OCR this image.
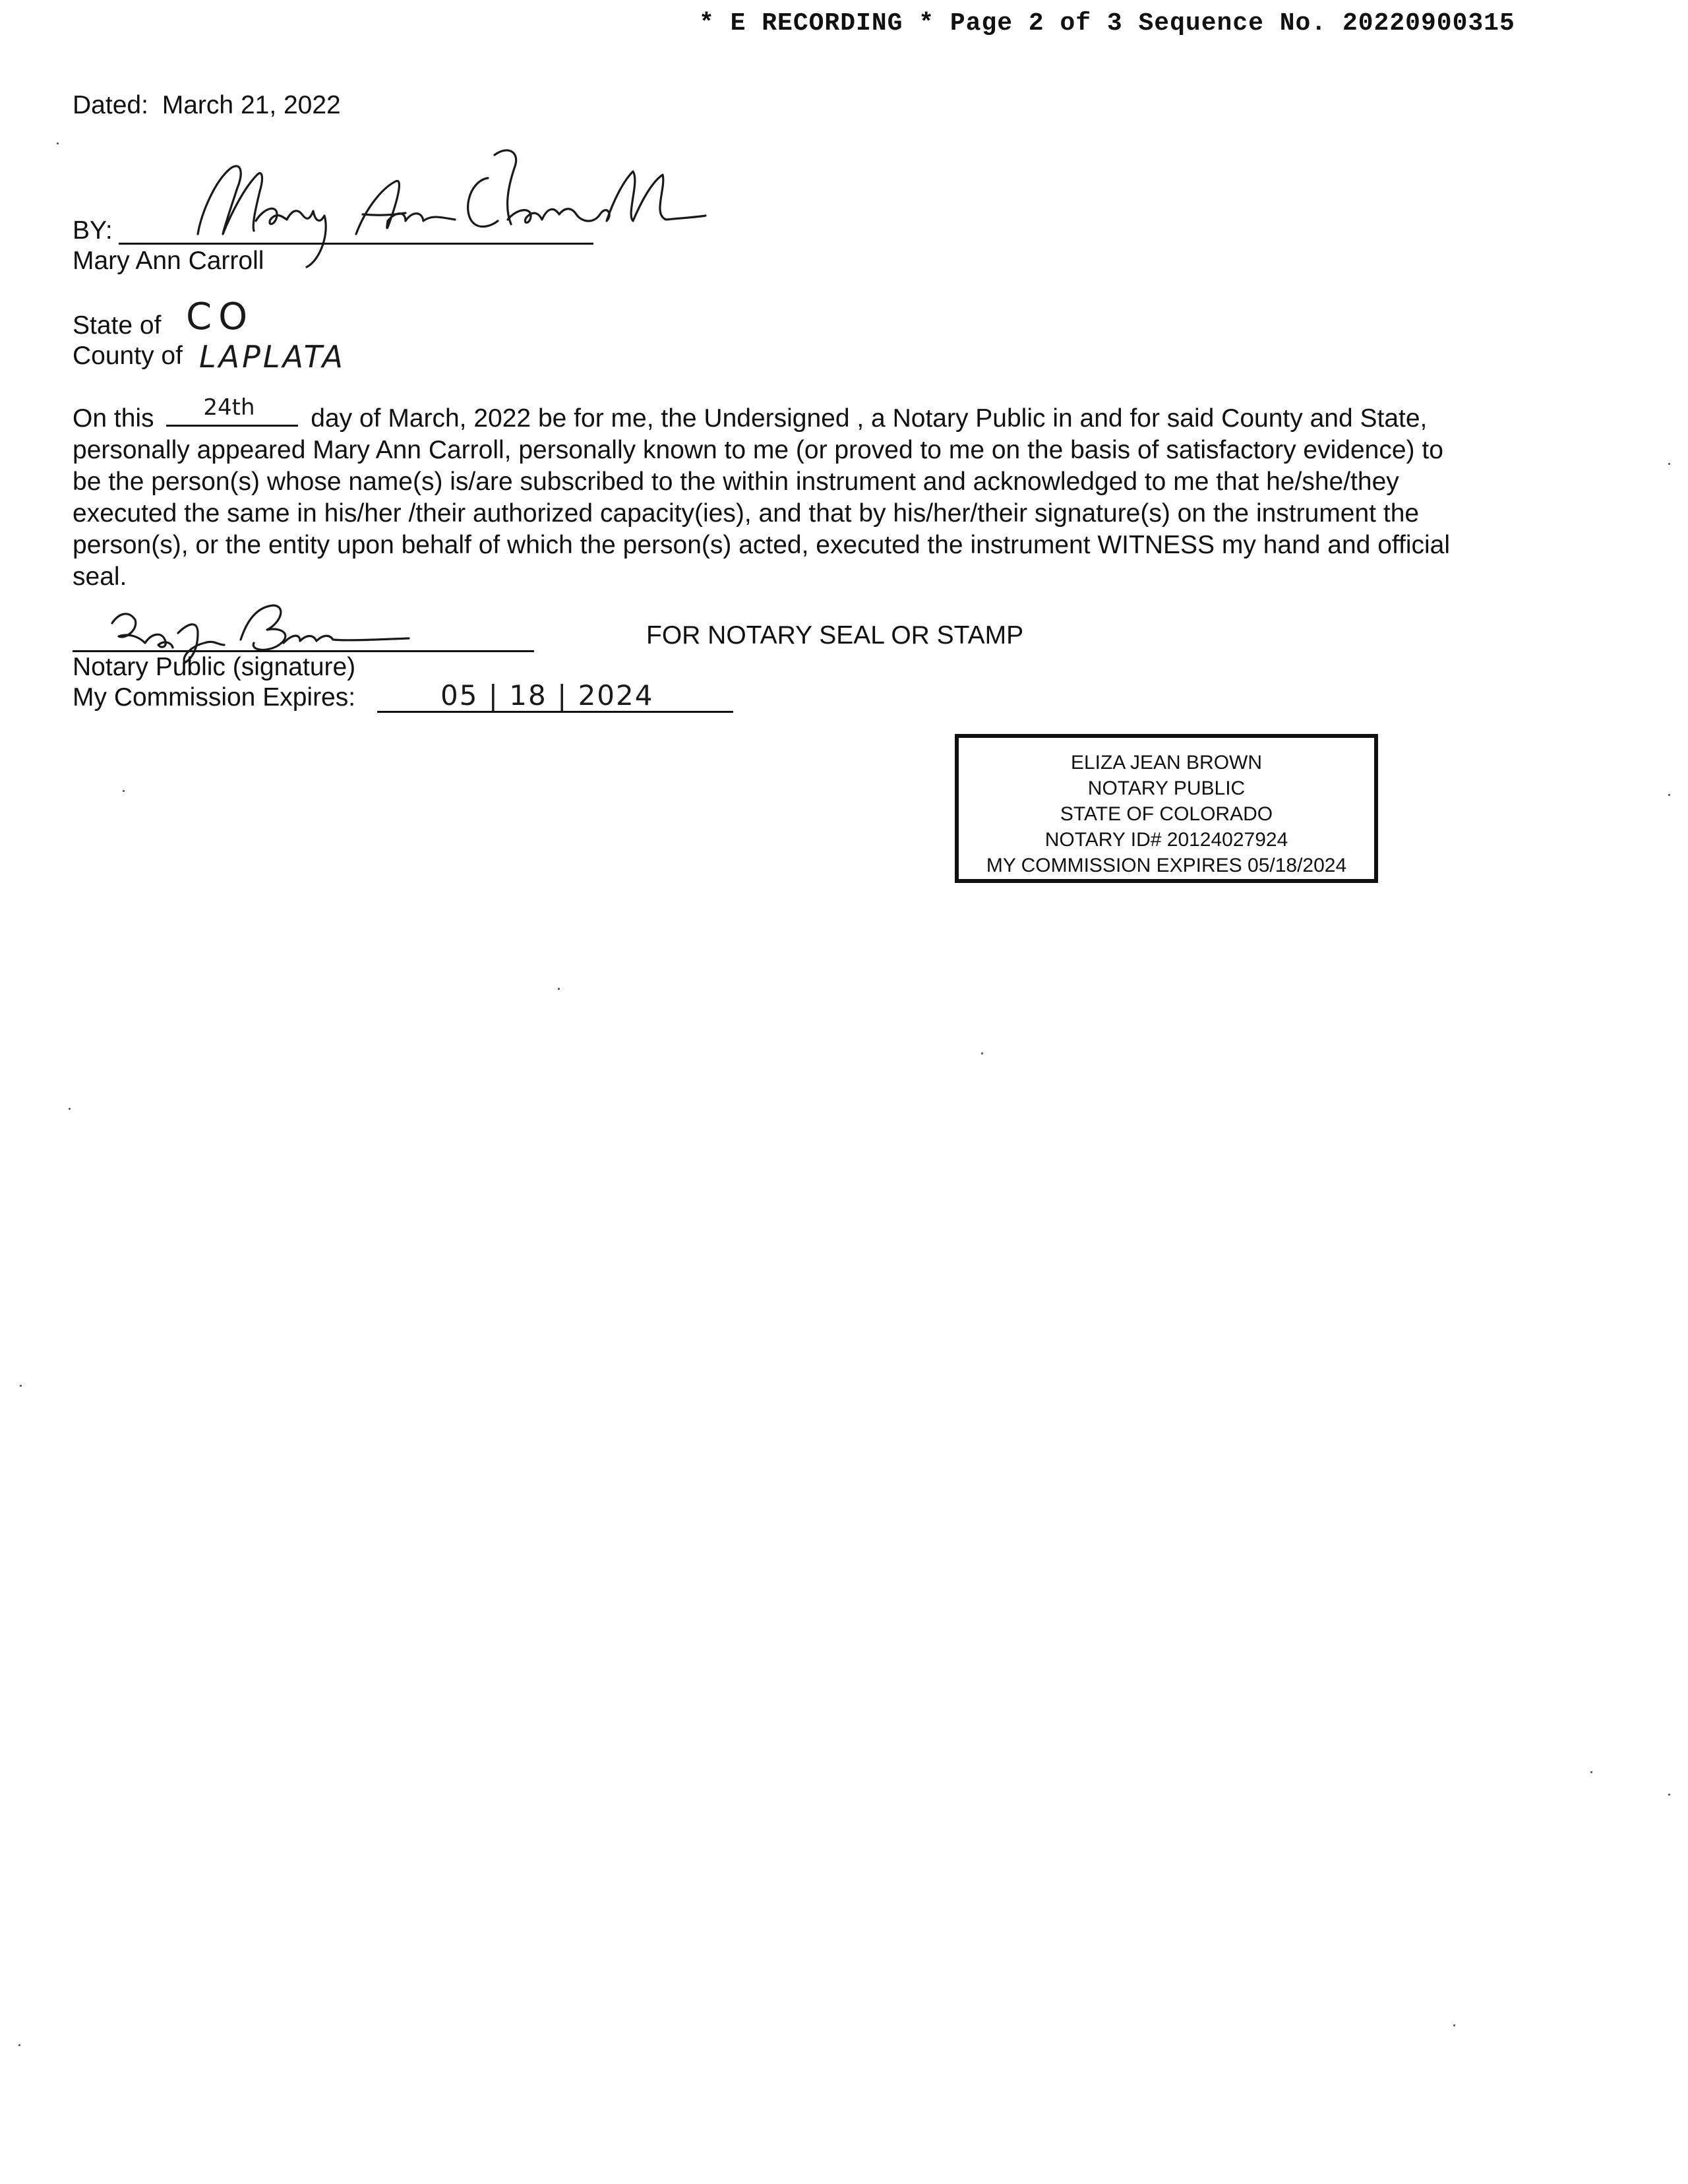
* E RECORDING * Page 2 of 3 Sequence No. 20220900315
Dated: March 21, 2022
BY:
Mary Ann Carroll
State of CO
County of LAPLATA
On this 24th day of March, 2022 be for me, the Undersigned , a Notary Public in and for said County and State,
personally appeared Mary Ann Carroll, personally known to me (or proved to me on the basis of satisfactory evidence) to
be the person(s) whose name(s) is/are subscribed to the within instrument and acknowledged to me that he/she/they
executed the same in his/her /their authorized capacity(ies), and that by his/her/their signature(s) on the instrument the
person(s), or the entity upon behalf of which the person(s) acted, executed the instrument WITNESS my hand and official
seal.
Notary Public (signature)
My Commission Expires:	05 | 18 | 2024
FOR NOTARY SEAL OR STAMP
ELIZA JEAN BROWN
NOTARY PUBLIC
STATE OF COLORADO
NOTARY ID# 20124027924
MY COMMISSION EXPIRES 05/18/2024
